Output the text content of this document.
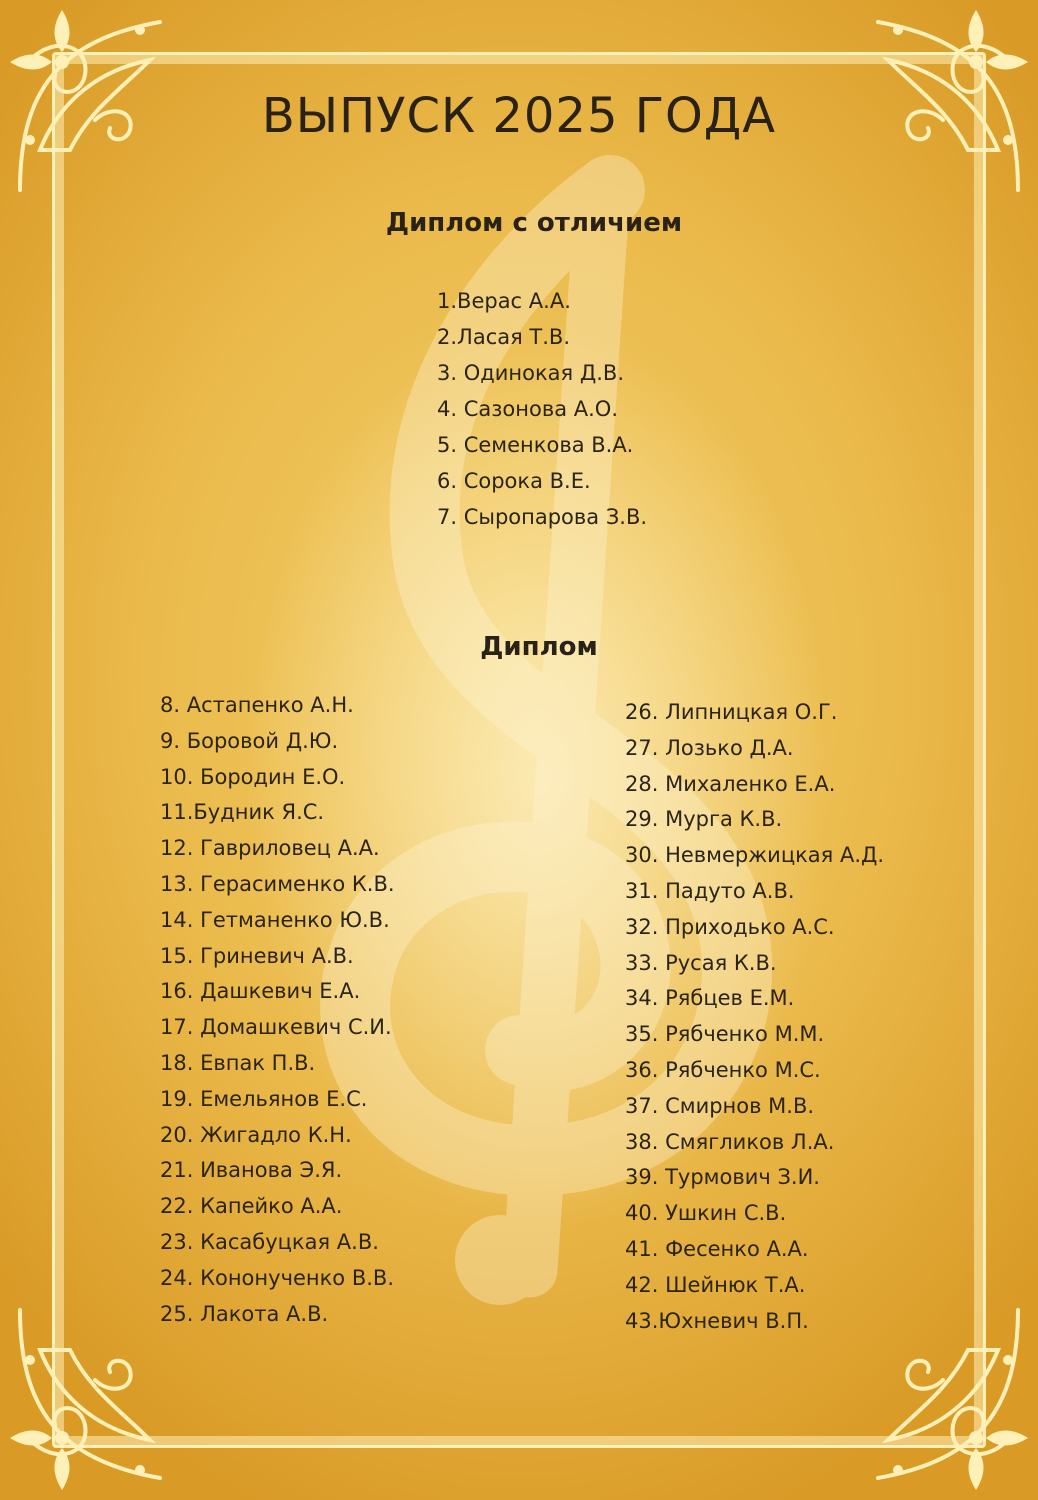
ВЫПУСК 2025 ГОДА
Диплом с отличием
1.Верас А.А.
2.Ласая Т.В.
3. Одинокая Д.В.
4. Сазонова А.О.
5. Семенкова В.А.
6. Сорока В.Е.
7. Сыропарова З.В.
Диплом
8. Астапенко А.Н.
9. Боровой Д.Ю.
10. Бородин Е.О.
11.Будник Я.С.
12. Гавриловец А.А.
13. Герасименко К.В.
14. Гетманенко Ю.В.
15. Гриневич А.В.
16. Дашкевич Е.А.
17. Домашкевич С.И.
18. Евпак П.В.
19. Емельянов Е.С.
20. Жигадло К.Н.
21. Иванова Э.Я.
22. Капейко А.А.
23. Касабуцкая А.В.
24. Кононученко В.В.
25. Лакота А.В.
26. Липницкая О.Г.
27. Лозько Д.А.
28. Михаленко Е.А.
29. Мурга К.В.
30. Невмержицкая А.Д.
31. Падуто А.В.
32. Приходько А.С.
33. Русая К.В.
34. Рябцев Е.М.
35. Рябченко М.М.
36. Рябченко М.С.
37. Смирнов М.В.
38. Смягликов Л.А.
39. Турмович З.И.
40. Ушкин С.В.
41. Фесенко А.А.
42. Шейнюк Т.А.
43.Юхневич В.П.
